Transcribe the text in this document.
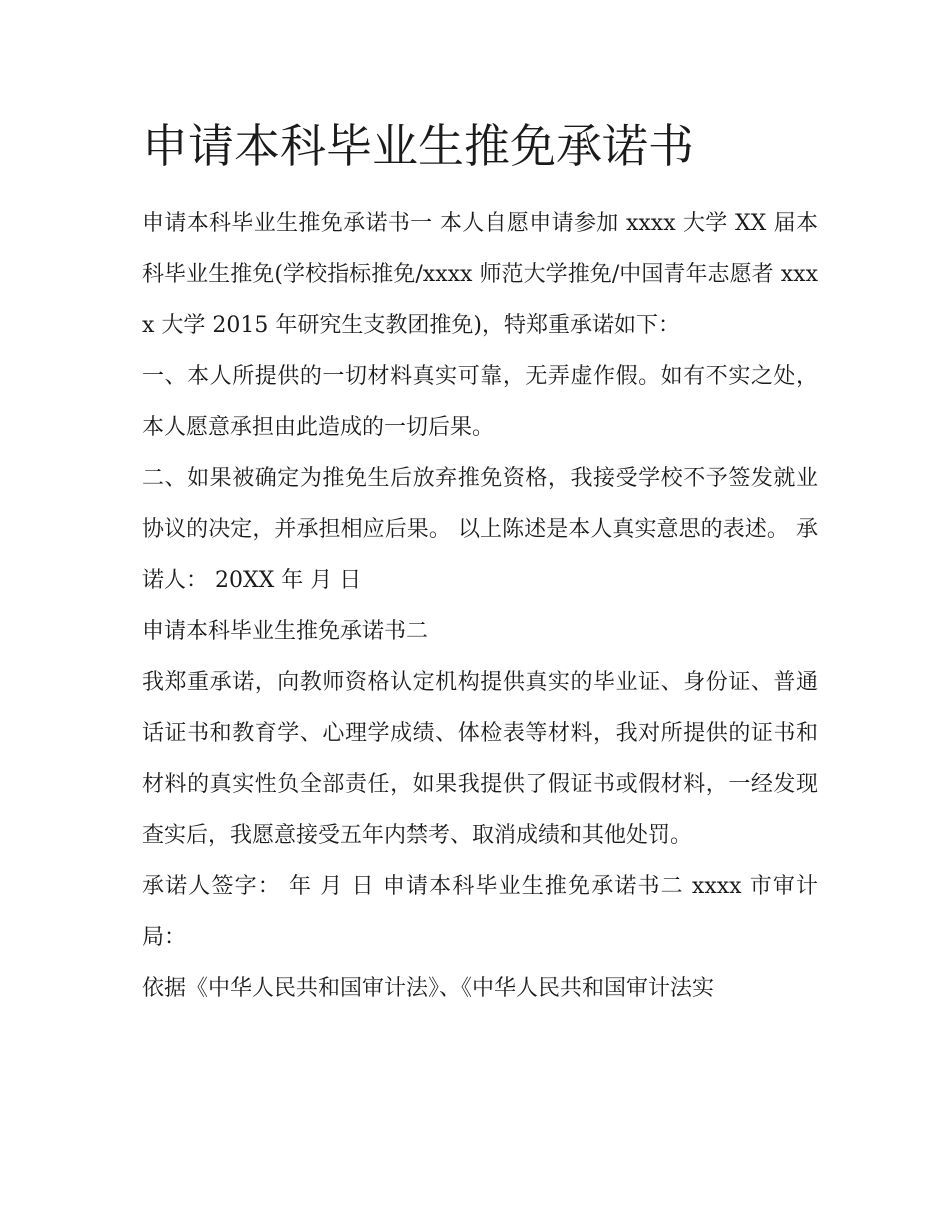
申请本科毕业生推免承诺书

申请本科毕业生推免承诺书一 本人自愿申请参加 xxxx 大学 XX 届本科毕业生推免(学校指标推免/xxxx 师范大学推免/中国青年志愿者 xxxx 大学 2015 年研究生支教团推免)，特郑重承诺如下：

一、本人所提供的一切材料真实可靠，无弄虚作假。如有不实之处，本人愿意承担由此造成的一切后果。

二、如果被确定为推免生后放弃推免资格，我接受学校不予签发就业协议的决定，并承担相应后果。 以上陈述是本人真实意思的表述。 承诺人： 20XX 年 月 日

申请本科毕业生推免承诺书二

我郑重承诺，向教师资格认定机构提供真实的毕业证、身份证、普通话证书和教育学、心理学成绩、体检表等材料，我对所提供的证书和材料的真实性负全部责任，如果我提供了假证书或假材料，一经发现查实后，我愿意接受五年内禁考、取消成绩和其他处罚。

承诺人签字： 年 月 日 申请本科毕业生推免承诺书二 xxxx 市审计局：

依据《中华人民共和国审计法》、《中华人民共和国审计法实
